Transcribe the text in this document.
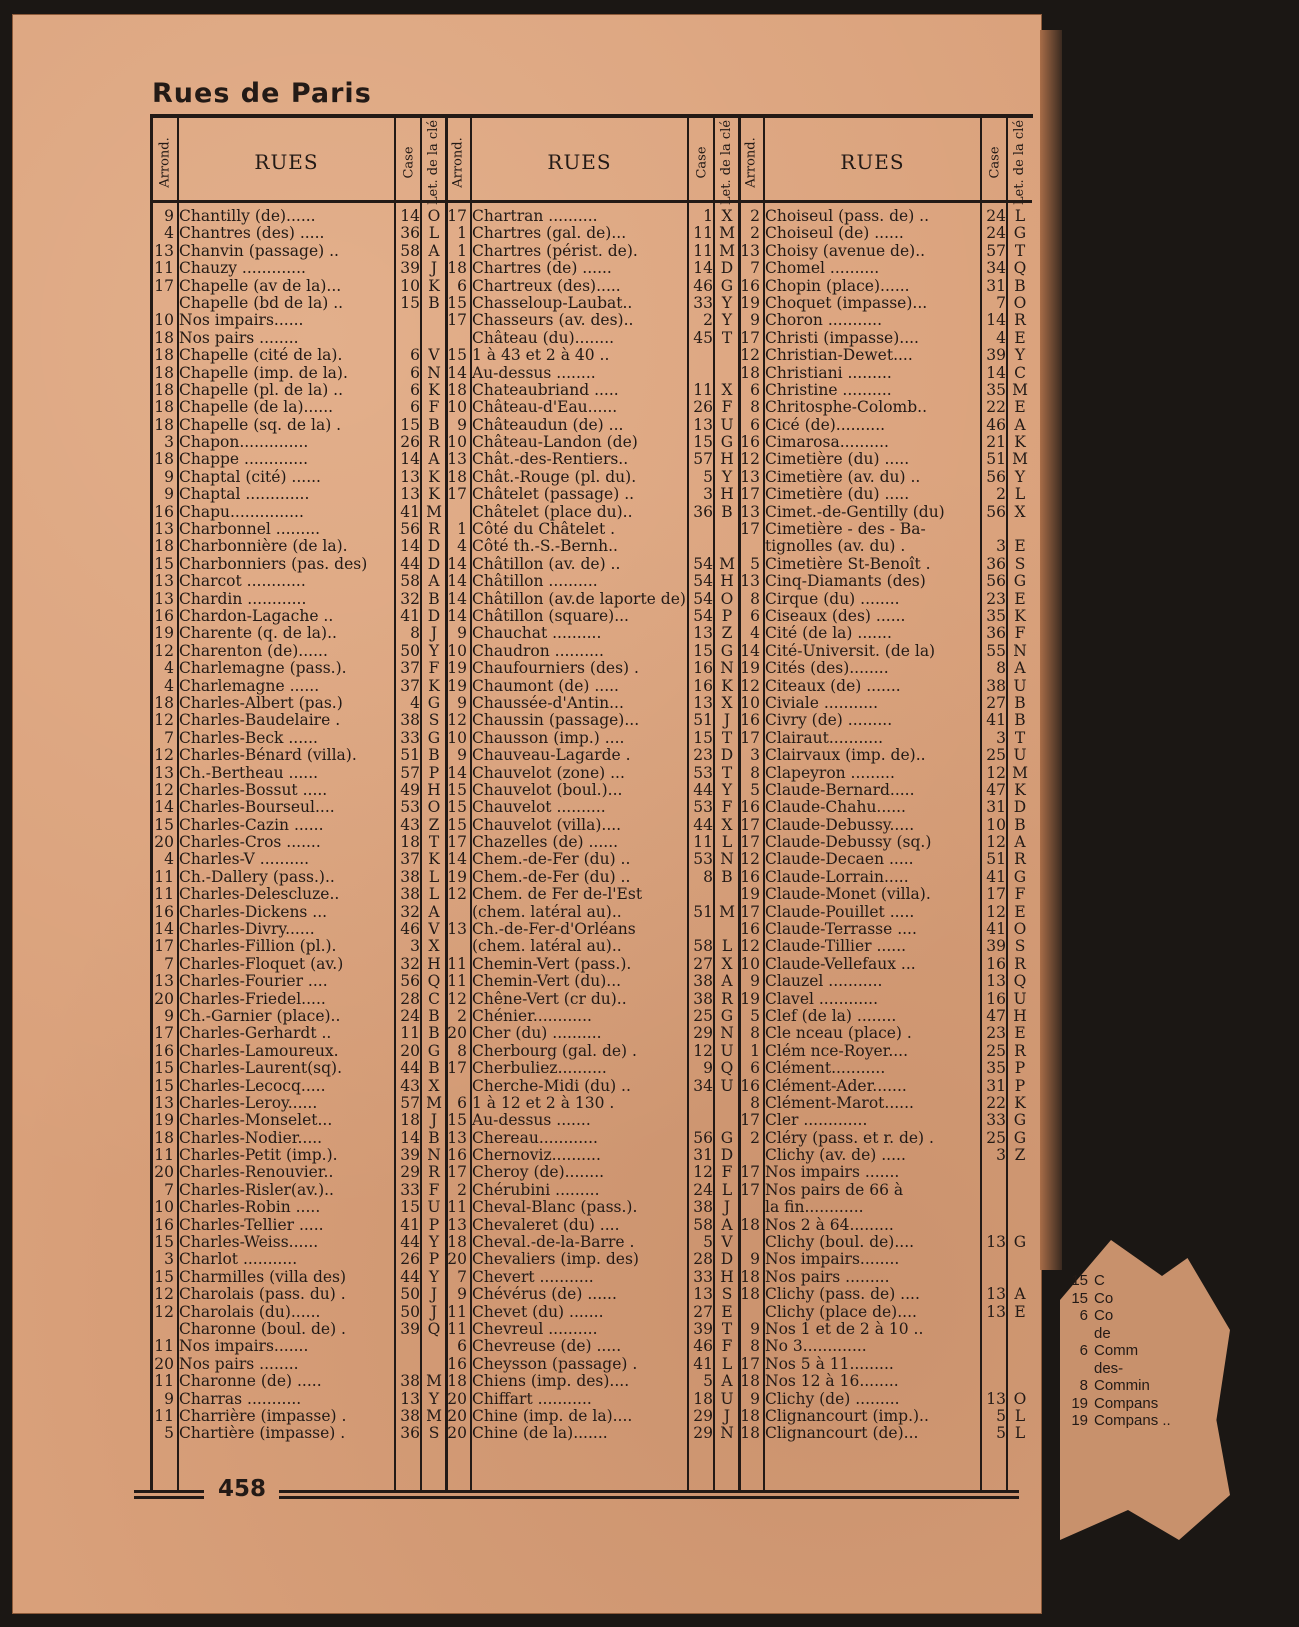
15 C
15 Co
6 Co
de
6 Comm
des-
8 Commin
19 Compans
19 Compans ..
Rues de Paris
Arrond.	RUES	Case Let. de la clé
9 Chantilly (de)......	14 O
4 Chantres (des) .....	36 L
13 Chanvin (passage) ..	58 A
11 Chauzy .............	39 J
17 Chapelle (av de la)...	10 K
Chapelle (bd de la) ..	15 B
10 Nos impairs......
18 Nos pairs ........
18 Chapelle (cité de la).	6 V
18 Chapelle (imp. de la).	6 N
18 Chapelle (pl. de la) ..	6 K
18 Chapelle (de la)......	6 F
18 Chapelle (sq. de la) .	15 B
3 Chapon..............	26 R
18 Chappe .............	14 A
9 Chaptal (cité) ......	13 K
9 Chaptal .............	13 K
16 Chapu...............	41 M
13 Charbonnel .........	56 R
18 Charbonnière (de la).	14 D
15 Charbonniers (pas. des)	44 D
13 Charcot ............	58 A
13 Chardin ............	32 B
16 Chardon-Lagache ..	41 D
19 Charente (q. de la)..	8 J
12 Charenton (de)......	50 Y
4 Charlemagne (pass.).	37 F
4 Charlemagne ......	37 K
18 Charles-Albert (pas.)	4 G
12 Charles-Baudelaire .	38 S
7 Charles-Beck ......	33 G
12 Charles-Bénard (villa).	51 B
13 Ch.-Bertheau ......	57 P
12 Charles-Bossut .....	49 H
14 Charles-Bourseul....	53 O
15 Charles-Cazin ......	43 Z
20 Charles-Cros .......	18 T
4 Charles-V ..........	37 K
11 Ch.-Dallery (pass.)..	38 L
11 Charles-Delescluze..	38 L
16 Charles-Dickens ...	32 A
14 Charles-Divry......	46 V
17 Charles-Fillion (pl.).	3 X
7 Charles-Floquet (av.)	32 H
13 Charles-Fourier ....	56 Q
20 Charles-Friedel.....	28 C
9 Ch.-Garnier (place)..	24 B
17 Charles-Gerhardt ..	11 B
16 Charles-Lamoureux.	20 G
15 Charles-Laurent(sq).	44 B
15 Charles-Lecocq.....	43 X
13 Charles-Leroy......	57 M
19 Charles-Monselet...	18 J
18 Charles-Nodier.....	14 B
11 Charles-Petit (imp.).	39 N
20 Charles-Renouvier..	29 R
7 Charles-Risler(av.)..	33 F
10 Charles-Robin .....	15 U
16 Charles-Tellier .....	41 P
15 Charles-Weiss......	44 Y
3 Charlot ...........	26 P
15 Charmilles (villa des)	44 Y
12 Charolais (pass. du) .	50 J
12 Charolais (du)......	50 J
Charonne (boul. de) .	39 Q
11 Nos impairs.......
20 Nos pairs ........
11 Charonne (de) .....	38 M
9 Charras ...........	13 Y
11 Charrière (impasse) .	38 M
5 Chartière (impasse) .	36 S
Arrond.	RUES	Case Let. de la clé
17 Chartran ..........	1 X
1 Chartres (gal. de)...	11 M
1 Chartres (périst. de).	11 M
18 Chartres (de) ......	14 D
6 Chartreux (des).....	46 G
15 Chasseloup-Laubat..	33 Y
17 Chasseurs (av. des)..	2 Y
Château (du)........	45 T
15 1 à 43 et 2 à 40 ..
14 Au-dessus ........
18 Chateaubriand .....	11 X
10 Château-d'Eau......	26 F
9 Châteaudun (de) ...	13 U
10 Château-Landon (de)	15 G
13 Chât.-des-Rentiers..	57 H
18 Chât.-Rouge (pl. du).	5 Y
17 Châtelet (passage) ..	3 H
Châtelet (place du)..	36 B
1 Côté du Châtelet .
4 Côté th.-S.-Bernh..
14 Châtillon (av. de) ..	54 M
14 Châtillon ..........	54 H
14 Châtillon (av.de laporte de) 54 O
14 Châtillon (square)...	54 P
9 Chauchat ..........	13 Z
10 Chaudron ..........	15 G
19 Chaufourniers (des) .	16 N
19 Chaumont (de) .....	16 K
9 Chaussée-d'Antin...	13 X
12 Chaussin (passage)...	51 J
10 Chausson (imp.) ....	15 T
9 Chauveau-Lagarde .	23 D
14 Chauvelot (zone) ...	53 T
15 Chauvelot (boul.)...	44 Y
15 Chauvelot ..........	53 F
15 Chauvelot (villa)....	44 X
17 Chazelles (de) ......	11 L
14 Chem.-de-Fer (du) ..	53 N
19 Chem.-de-Fer (du) ..	8 B
12 Chem. de Fer de-l'Est
(chem. latéral au)..	51 M
13 Ch.-de-Fer-d'Orléans
(chem. latéral au)..	58 L
11 Chemin-Vert (pass.).	27 X
11 Chemin-Vert (du)...	38 A
12 Chêne-Vert (cr du)..	38 R
2 Chénier............	25 G
20 Cher (du) ..........	29 N
8 Cherbourg (gal. de) .	12 U
17 Cherbuliez..........	9 Q
Cherche-Midi (du) ..	34 U
6 1 à 12 et 2 à 130 .
15 Au-dessus .......
13 Chereau............	56 G
16 Chernoviz..........	31 D
17 Cheroy (de)........	12 F
2 Chérubini .........	24 L
11 Cheval-Blanc (pass.).	38 J
13 Chevaleret (du) ....	58 A
18 Cheval.-de-la-Barre .	5 V
20 Chevaliers (imp. des)	28 D
7 Chevert ...........	33 H
9 Chévérus (de) ......	13 S
11 Chevet (du) .......	27 E
11 Chevreul ..........	39 T
6 Chevreuse (de) .....	46 F
16 Cheysson (passage) .	41 L
18 Chiens (imp. des)....	5 A
20 Chiffart ...........	18 U
20 Chine (imp. de la)....	29 J
20 Chine (de la).......	29 N
Arrond.	RUES	Case Let. de la clé
2 Choiseul (pass. de) ..	24 L
2 Choiseul (de) ......	24 G
13 Choisy (avenue de)..	57 T
7 Chomel ..........	34 Q
16 Chopin (place)......	31 B
19 Choquet (impasse)...	7 O
9 Choron ...........	14 R
17 Christi (impasse)....	4 E
12 Christian-Dewet....	39 Y
18 Christiani .........	14 C
6 Christine ..........	35 M
8 Chritosphe-Colomb..	22 E
6 Cicé (de)..........	46 A
16 Cimarosa..........	21 K
12 Cimetière (du) .....	51 M
13 Cimetière (av. du) ..	56 Y
17 Cimetière (du) .....	2 L
13 Cimet.-de-Gentilly (du)	56 X
17 Cimetière - des - Ba-
tignolles (av. du) .	3 E
5 Cimetière St-Benoît .	36 S
13 Cinq-Diamants (des)	56 G
8 Cirque (du) ........	23 E
6 Ciseaux (des) ......	35 K
4 Cité (de la) .......	36 F
14 Cité-Universit. (de la)	55 N
19 Cités (des)........	8 A
12 Citeaux (de) .......	38 U
10 Civiale ...........	27 B
16 Civry (de) .........	41 B
17 Clairaut...........	3 T
3 Clairvaux (imp. de)..	25 U
8 Clapeyron .........	12 M
5 Claude-Bernard.....	47 K
16 Claude-Chahu......	31 D
17 Claude-Debussy.....	10 B
17 Claude-Debussy (sq.)	12 A
12 Claude-Decaen .....	51 R
16 Claude-Lorrain.....	41 G
19 Claude-Monet (villa).	17 F
17 Claude-Pouillet .....	12 E
16 Claude-Terrasse ....	41 O
12 Claude-Tillier ......	39 S
10 Claude-Vellefaux ...	16 R
9 Clauzel ...........	13 Q
19 Clavel ............	16 U
5 Clef (de la) ........	47 H
8 Cle nceau (place) .	23 E
1 Clém nce-Royer....	25 R
6 Clément...........	35 P
16 Clément-Ader.......	31 P
8 Clément-Marot......	22 K
17 Cler .............	33 G
2 Cléry (pass. et r. de) .	25 G
Clichy (av. de) .....	3 Z
17 Nos impairs .......
17 Nos pairs de 66 à
la fin............
18 Nos 2 à 64.........
Clichy (boul. de)....	13 G
9 Nos impairs........
18 Nos pairs .........
18 Clichy (pass. de) ....	13 A
Clichy (place de)....	13 E
9 Nos 1 et de 2 à 10 ..
8 No 3.............
17 Nos 5 à 11.........
18 Nos 12 à 16........
9 Clichy (de) .........	13 O
18 Clignancourt (imp.)..	5 L
18 Clignancourt (de)...	5 L
458
